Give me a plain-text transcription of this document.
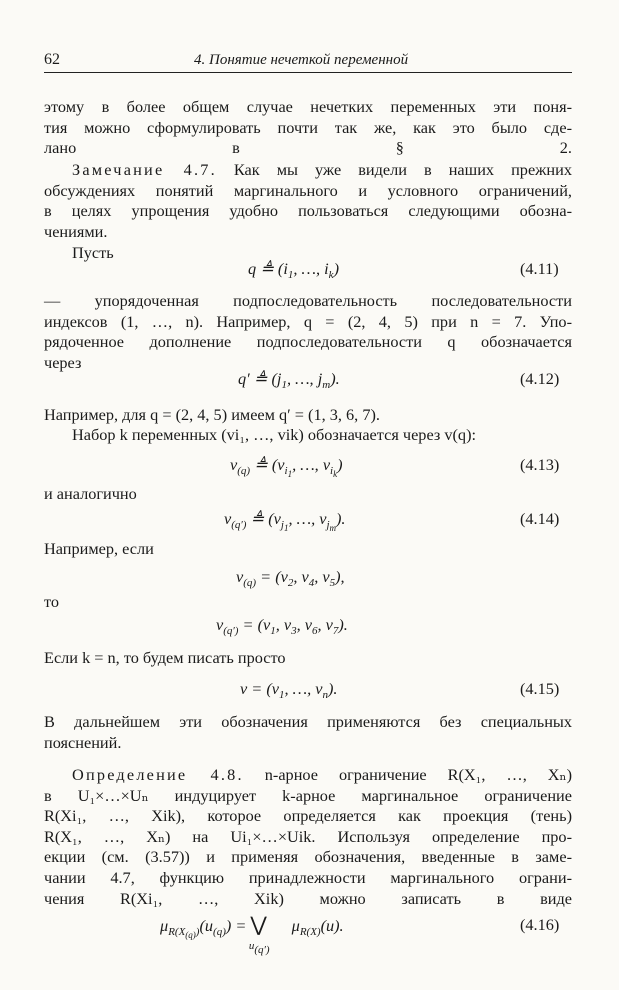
62	4. Понятие нечеткой переменной
этому в более общем случае нечетких переменных эти поня-
тия можно сформулировать почти так же, как это было сде-
лано в § 2.
Замечание 4.7. Как мы уже видели в наших прежних
обсуждениях понятий маргинального и условного ограничений,
в целях упрощения удобно пользоваться следующими обозна-
чениями.
Пусть
q ≜ ($i_1$, …, $i_k$)	(4.11)
— упорядоченная подпоследовательность последовательности
индексов (1, …, n). Например, q = (2, 4, 5) при n = 7. Упо-
рядоченное дополнение подпоследовательности q обозначается
через
q′ ≜ ($j_1$, …, $j_m$).	(4.12)
Например, для q = (2, 4, 5) имеем q′ = (1, 3, 6, 7).
Набор k переменных (vi₁, …, vik) обозначается через v(q):
$v_{(q)}$ ≜ ($v_{i_1}$, …, $v_{i_k}$)	(4.13)
и аналогично
$v_{(q')}$ ≜ ($v_{j_1}$, …, $v_{j_m}$).	(4.14)
Например, если
$v_{(q)} = (v_2$, $v_4$, $v_5$),
то
$v_{(q')} = (v_1$, $v_3$, $v_6$, $v_7$).
Если k = n, то будем писать просто
$v = (v_1$, …, $v_n$).	(4.15)
В дальнейшем эти обозначения применяются без специальных
пояснений.
Определение 4.8. n-арное ограничение R(X₁, …, Xₙ)
в U₁×…×Uₙ индуцирует k-арное маргинальное ограничение
R(Xi₁, …, Xik), которое определяется как проекция (тень)
R(X₁, …, Xₙ) на Ui₁×…×Uik. Используя определение про-
екции (см. (3.57)) и применяя обозначения, введенные в заме-
чании 4.7, функцию принадлежности маргинального ограни-
чения R(Xi₁, …, Xik) можно записать в виде
$\mu_{R(X_{(q)})}(u_{(q)})$ = $⋁_{u_{(q')}}$ $\mu_{R(X)}(u)$.	(4.16)
